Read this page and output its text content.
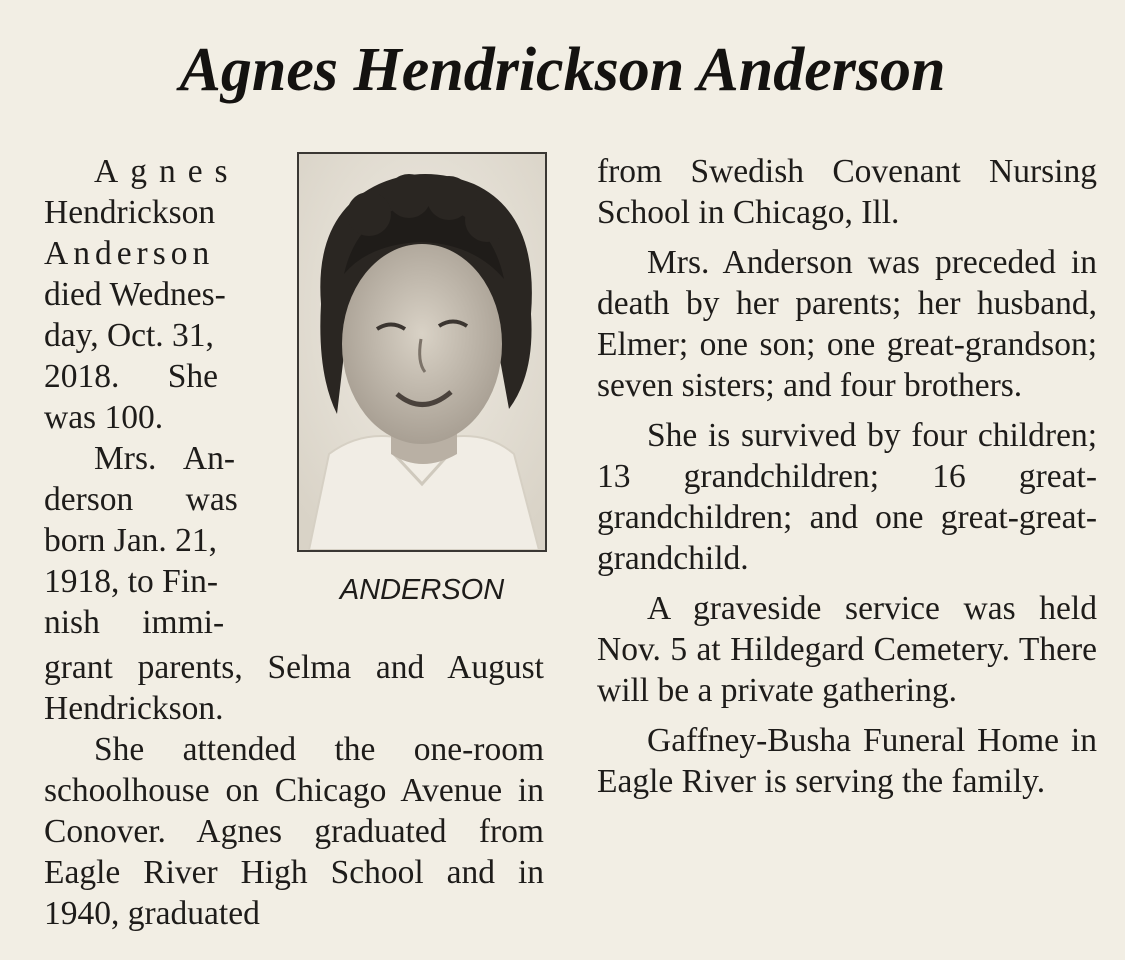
Agnes Hendrickson Anderson

Agnes

Hendrickson

Anderson

died Wednes-

day, Oct. 31,

2018. She

was 100.

Mrs. An-

derson was

born Jan. 21,

1918, to Fin-

nish immi-

ANDERSON

grant parents, Selma and August Hendrickson.

She attended the one-room schoolhouse on Chicago Avenue in Conover. Agnes graduated from Eagle River High School and in 1940, graduated

from Swedish Covenant Nursing School in Chicago, Ill.

Mrs. Anderson was preceded in death by her parents; her husband, Elmer; one son; one great-grandson; seven sisters; and four brothers.

She is survived by four children; 13 grandchildren; 16 great-grandchildren; and one great-great-grandchild.

A graveside service was held Nov. 5 at Hildegard Cemetery. There will be a private gathering.

Gaffney-Busha Funeral Home in Eagle River is serving the family.
